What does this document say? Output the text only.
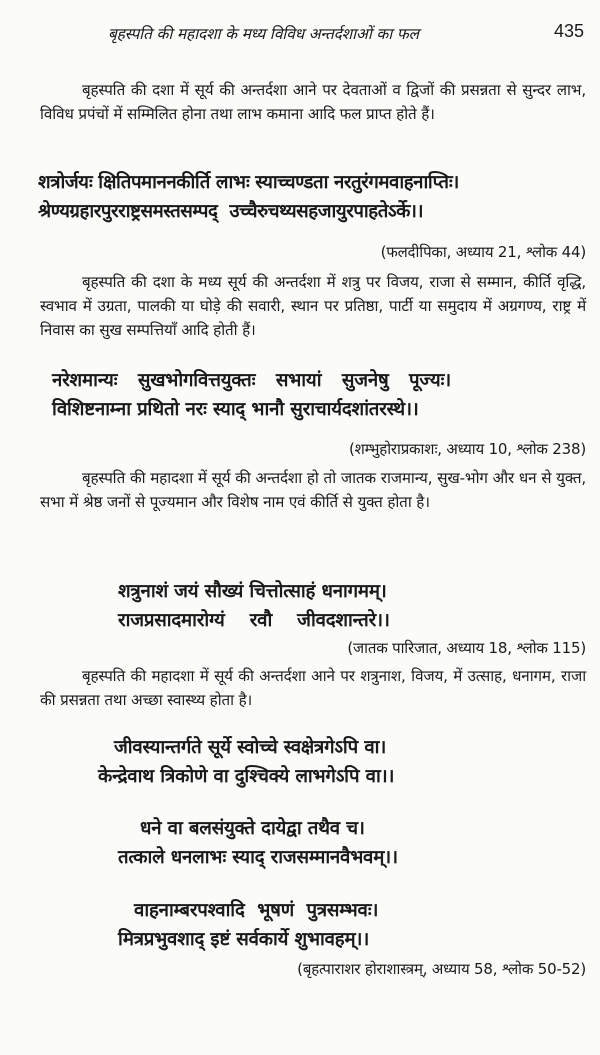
बृहस्पति की महादशा के मध्य विविध अन्तर्दशाओं का फल	435
बृहस्पति की दशा में सूर्य की अन्तर्दशा आने पर देवताओं व द्विजों की प्रसन्नता से सुन्दर लाभ, विविध प्रपंचों में सम्मिलित होना तथा लाभ कमाना आदि फल प्राप्त होते हैं।
शत्रोर्जयः क्षितिपमाननकीर्ति लाभः स्याच्चण्डता नरतुरंगमवाहनाप्तिः।
श्रेण्यग्रहारपुरराष्ट्रसमस्तसम्पद्  उच्चैरुचथ्यसहजायुरपाहतेऽर्के।।
(फलदीपिका, अध्याय 21, श्लोक 44)
बृहस्पति की दशा के मध्य सूर्य की अन्तर्दशा में शत्रु पर विजय, राजा से सम्मान, कीर्ति वृद्धि, स्वभाव में उग्रता, पालकी या घोड़े की सवारी, स्थान पर प्रतिष्ठा, पार्टी या समुदाय में अग्रगण्य, राष्ट्र में निवास का सुख सम्पत्तियाँ आदि होती हैं।
नरेशमान्यः  सुखभोगवित्तयुक्तः  सभायां  सुजनेषु  पूज्यः।
विशिष्टनाम्ना प्रथितो नरः स्याद् भानौ सुराचार्यदशांतरस्थे।।
(शम्भुहोराप्रकाशः, अध्याय 10, श्लोक 238)
बृहस्पति की महादशा में सूर्य की अन्तर्दशा हो तो जातक राजमान्य, सुख-भोग और धन से युक्त, सभा में श्रेष्ठ जनों से पूज्यमान और विशेष नाम एवं कीर्ति से युक्त होता है।
शत्रुनाशं जयं सौख्यं चित्तोत्साहं धनागमम्।
राजप्रसादमारोग्यं    रवौ    जीवदशान्तरे।।
(जातक पारिजात, अध्याय 18, श्लोक 115)
बृहस्पति की महादशा में सूर्य की अन्तर्दशा आने पर शत्रुनाश, विजय, में उत्साह, धनागम, राजा की प्रसन्नता तथा अच्छा स्वास्थ्य होता है।
जीवस्यान्तर्गते सूर्ये स्वोच्चे स्वक्षेत्रगेऽपि वा।
केन्द्रेवाथ त्रिकोणे वा दुश्चिक्ये लाभगेऽपि वा।।
धने वा बलसंयुक्ते दायेद्वा तथैव च।
तत्काले धनलाभः स्याद् राजसम्मानवैभवम्।।
वाहनाम्बरपश्वादि  भूषणं  पुत्रसम्भवः।
मित्रप्रभुवशाद् इष्टं सर्वकार्ये शुभावहम्।।
(बृहत्पाराशर होराशास्त्रम्, अध्याय 58, श्लोक 50-52)
